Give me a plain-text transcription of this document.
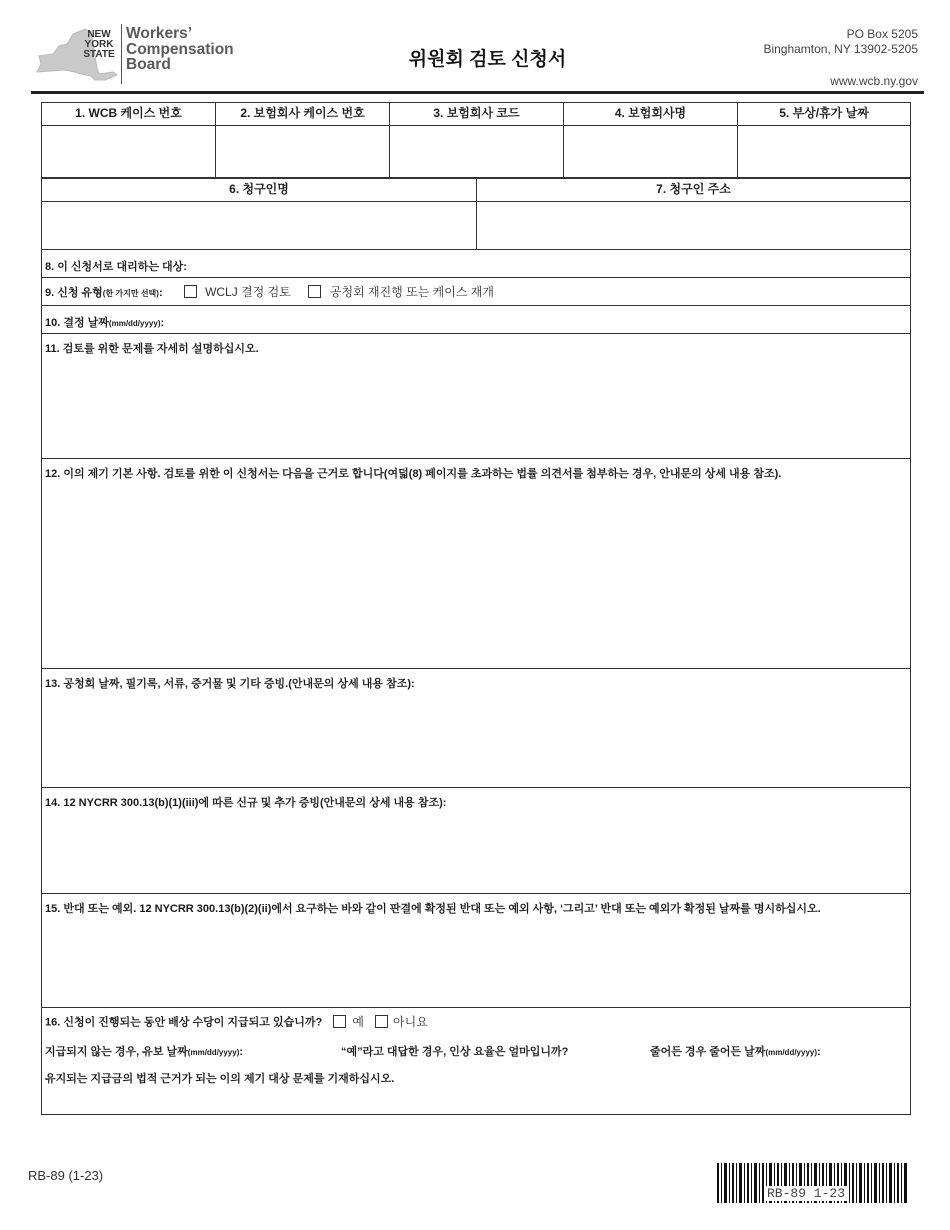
NEW
YORK
STATE
Workers’
Compensation
Board	위원회 검토 신청서
PO Box 5205
Binghamton, NY 13902-5205
www.wcb.ny.gov
1. WCB 케이스 번호	2. 보험회사 케이스 번호	3. 보험회사 코드	4. 보험회사명	5. 부상/휴가 날짜
6. 청구인명	7. 청구인 주소
8. 이 신청서로 대리하는 대상:
9. 신청 유형(한 가지만 선택):	WCLJ 결정 검토	공청회 재진행 또는 케이스 재개
10. 결정 날짜(mm/dd/yyyy):
11. 검토를 위한 문제를 자세히 설명하십시오.
12. 이의 제기 기본 사항. 검토를 위한 이 신청서는 다음을 근거로 합니다(여덟(8) 페이지를 초과하는 법률 의견서를 첨부하는 경우, 안내문의 상세 내용 참조).
13. 공청회 날짜, 필기록, 서류, 증거물 및 기타 증빙.(안내문의 상세 내용 참조):
14. 12 NYCRR 300.13(b)(1)(iii)에 따른 신규 및 추가 증빙(안내문의 상세 내용 참조):
15. 반대 또는 예외. 12 NYCRR 300.13(b)(2)(ii)에서 요구하는 바와 같이 판결에 확정된 반대 또는 예외 사항, ‘그리고’ 반대 또는 예외가 확정된 날짜를 명시하십시오.
16. 신청이 진행되는 동안 배상 수당이 지급되고 있습니까?	예 아니요
지급되지 않는 경우, 유보 날짜(mm/dd/yyyy):	“예”라고 대답한 경우, 인상 요율은 얼마입니까?	줄어든 경우 줄어든 날짜(mm/dd/yyyy):
유지되는 지급금의 법적 근거가 되는 이의 제기 대상 문제를 기재하십시오.
RB-89 (1-23)
RB-89 1-23
